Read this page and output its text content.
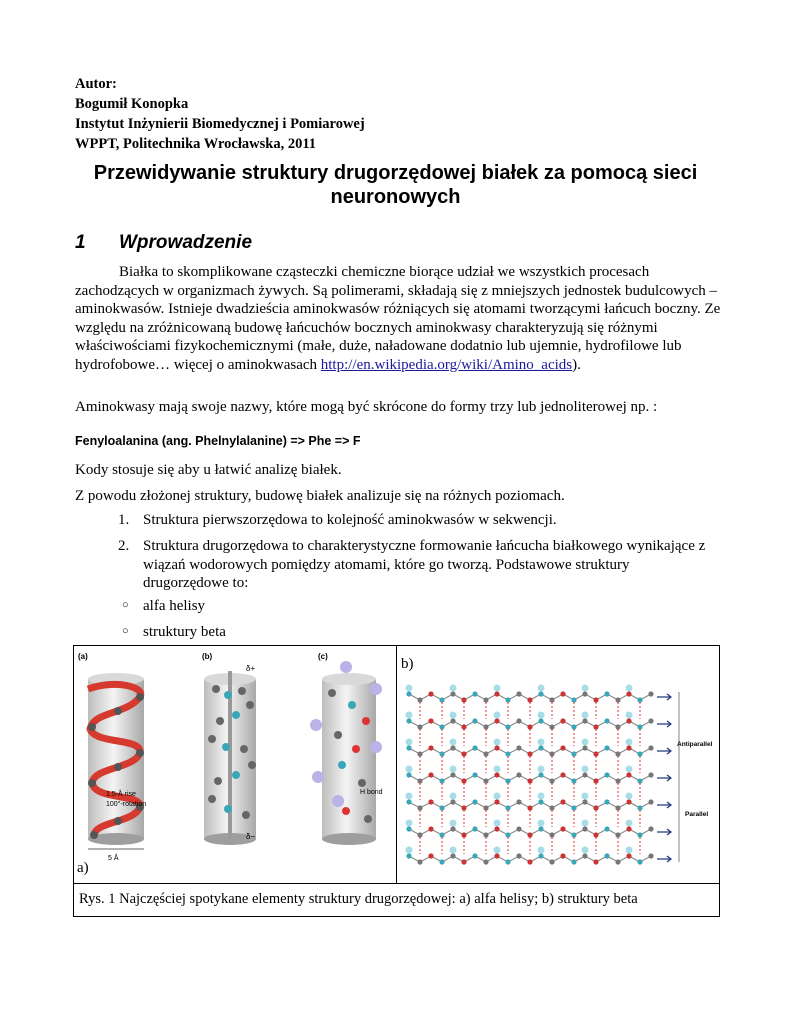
Autor:
Bogumił Konopka
Instytut Inżynierii Biomedycznej i Pomiarowej
WPPT, Politechnika Wrocławska, 2011
Przewidywanie struktury drugorzędowej białek za pomocą sieci neuronowych
1 Wprowadzenie
Białka to skomplikowane cząsteczki chemiczne biorące udział we wszystkich procesach zachodzących w organizmach żywych. Są polimerami, składają się z mniejszych jednostek budulcowych – aminokwasów. Istnieje dwadzieścia aminokwasów różniących się atomami tworzącymi łańcuch boczny. Ze względu na zróżnicowaną budowę łańcuchów bocznych aminokwasy charakteryzują się różnymi właściwościami fizykochemicznymi (małe, duże, naładowane dodatnio lub ujemnie, hydrofilowe lub hydrofobowe… więcej o aminokwasach http://en.wikipedia.org/wiki/Amino_acids).
Aminokwasy mają swoje nazwy, które mogą być skrócone do formy trzy lub jednoliterowej np. :
Fenyloalanina (ang. Phelnylalanine) => Phe => F
Kody stosuje się aby u łatwić analizę białek.
Z powodu złożonej struktury, budowę białek analizuje się na różnych poziomach.
1. Struktura pierwszorzędowa to kolejność aminokwasów w sekwencji.
2. Struktura drugorzędowa to charakterystyczne formowanie łańcucha białkowego wynikające z wiązań wodorowych pomiędzy atomami, które go tworzą. Podstawowe struktury drugorzędowe to:
○ alfa helisy
○ struktury beta
(a)	(b)	(c)
1.5-Å rise
100°-rotation
5 Å
δ+
δ−
H bond
a)
b)
Antiparallel
Parallel
Rys. 1 Najczęściej spotykane elementy struktury drugorzędowej: a) alfa helisy; b) struktury beta
